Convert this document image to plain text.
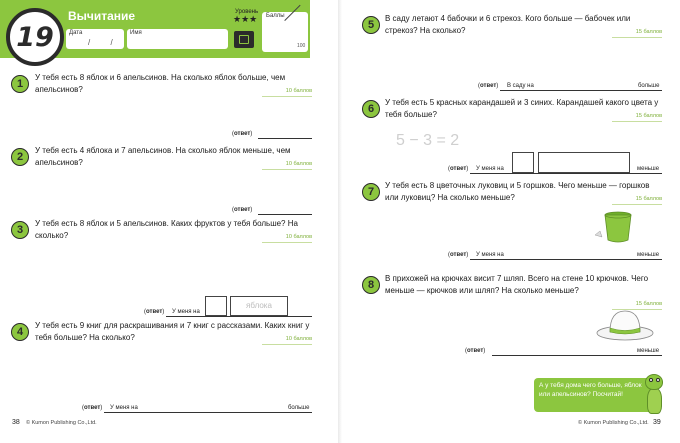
19
Вычитание
Дата
/ /
Имя
Уровень
★★★ Баллы
100
1
У тебя есть 8 яблок и 6 апельсинов. На сколько яблок больше, чем апельсинов?	10 баллов
(ответ)
2
У тебя есть 4 яблока и 7 апельсинов. На сколько яблок меньше, чем апельсинов?	10 баллов
(ответ)
3
У тебя есть 8 яблок и 5 апельсинов. Каких фруктов у тебя больше? На сколько?	10 баллов
(ответ) У меня на
яблока
4
У тебя есть 9 книг для раскрашивания и 7 книг с рассказами. Каких книг у тебя больше? На сколько?	10 баллов
(ответ) У меня на	больше
5
В саду летают 4 бабочки и 6 стрекоз. Кого больше — бабочек или стрекоз? На сколько?	15 баллов
(ответ) В саду на	больше
6
У тебя есть 5 красных карандашей и 3 синих. Карандашей какого цвета у тебя больше?	15 баллов
5 − 3 = 2
(ответ) У меня на	меньше
7
У тебя есть 8 цветочных луковиц и 5 горшков. Чего меньше — горшков или луковиц? На сколько меньше?	15 баллов
(ответ) У меня на	меньше
8
В прихожей на крючках висит 7 шляп. Всего на стене 10 крючков. Чего меньше — крючков или шляп? На сколько меньше?
15 баллов
(ответ)	меньше
А у тебя дома чего больше, яблок или апельсинов? Посчитай!
38 © Kumon Publishing Co.,Ltd.	© Kumon Publishing Co.,Ltd. 39
